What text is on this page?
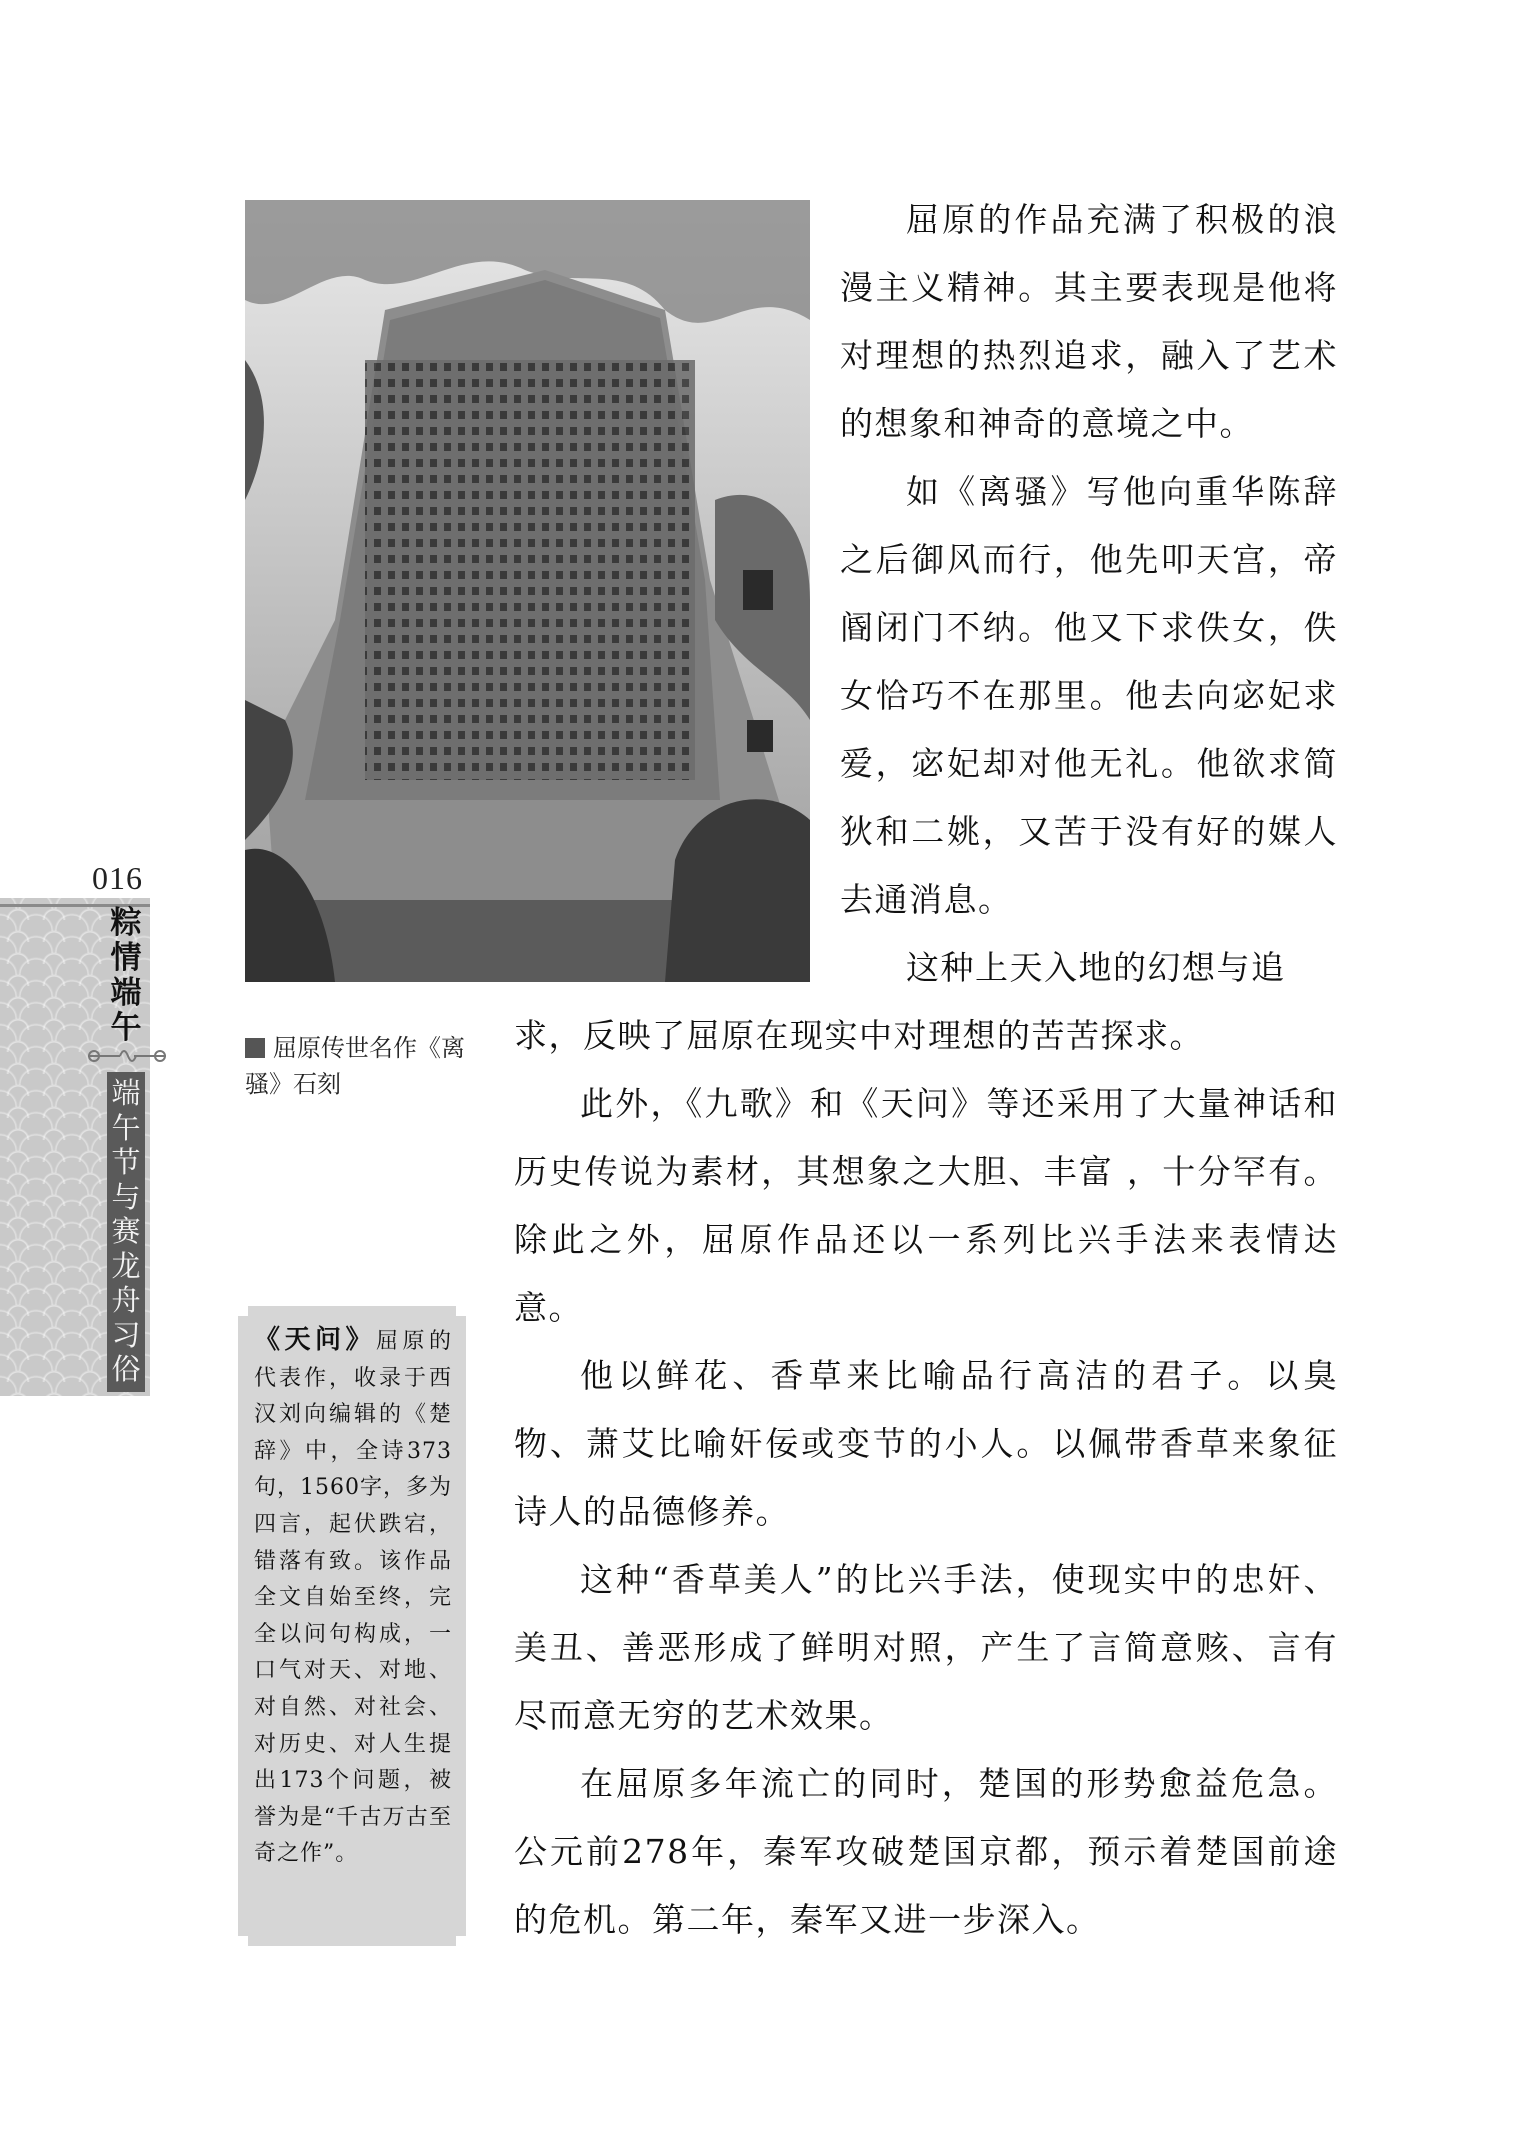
016
粽情端午
端午节与赛龙舟习俗
屈原传世名作《离骚》石刻
《天问》屈原的代表作，收录于西汉刘向编辑的《楚辞》中，全诗373句，1560字，多为四言，起伏跌宕，错落有致。该作品全文自始至终，完全以问句构成，一口气对天、对地、对自然、对社会、对历史、对人生提出173个问题，被誉为是“千古万古至奇之作”。

屈原的作品充满了积极的浪漫主义精神。其主要表现是他将对理想的热烈追求，融入了艺术的想象和神奇的意境之中。

如《离骚》写他向重华陈辞之后御风而行，他先叩天宫，帝阍闭门不纳。他又下求佚女，佚女恰巧不在那里。他去向宓妃求爱，宓妃却对他无礼。他欲求简狄和二姚，又苦于没有好的媒人去通消息。

这种上天入地的幻想与追

求，反映了屈原在现实中对理想的苦苦探求。

此外，《九歌》和《天问》等还采用了大量神话和历史传说为素材，其想象之大胆、丰富 ，十分罕有。除此之外，屈原作品还以一系列比兴手法来表情达意。

他以鲜花、香草来比喻品行高洁的君子。以臭物、萧艾比喻奸佞或变节的小人。以佩带香草来象征诗人的品德修养。

这种“香草美人”的比兴手法，使现实中的忠奸、美丑、善恶形成了鲜明对照，产生了言简意赅、言有尽而意无穷的艺术效果。

在屈原多年流亡的同时，楚国的形势愈益危急。公元前278年，秦军攻破楚国京都，预示着楚国前途的危机。第二年，秦军又进一步深入。
